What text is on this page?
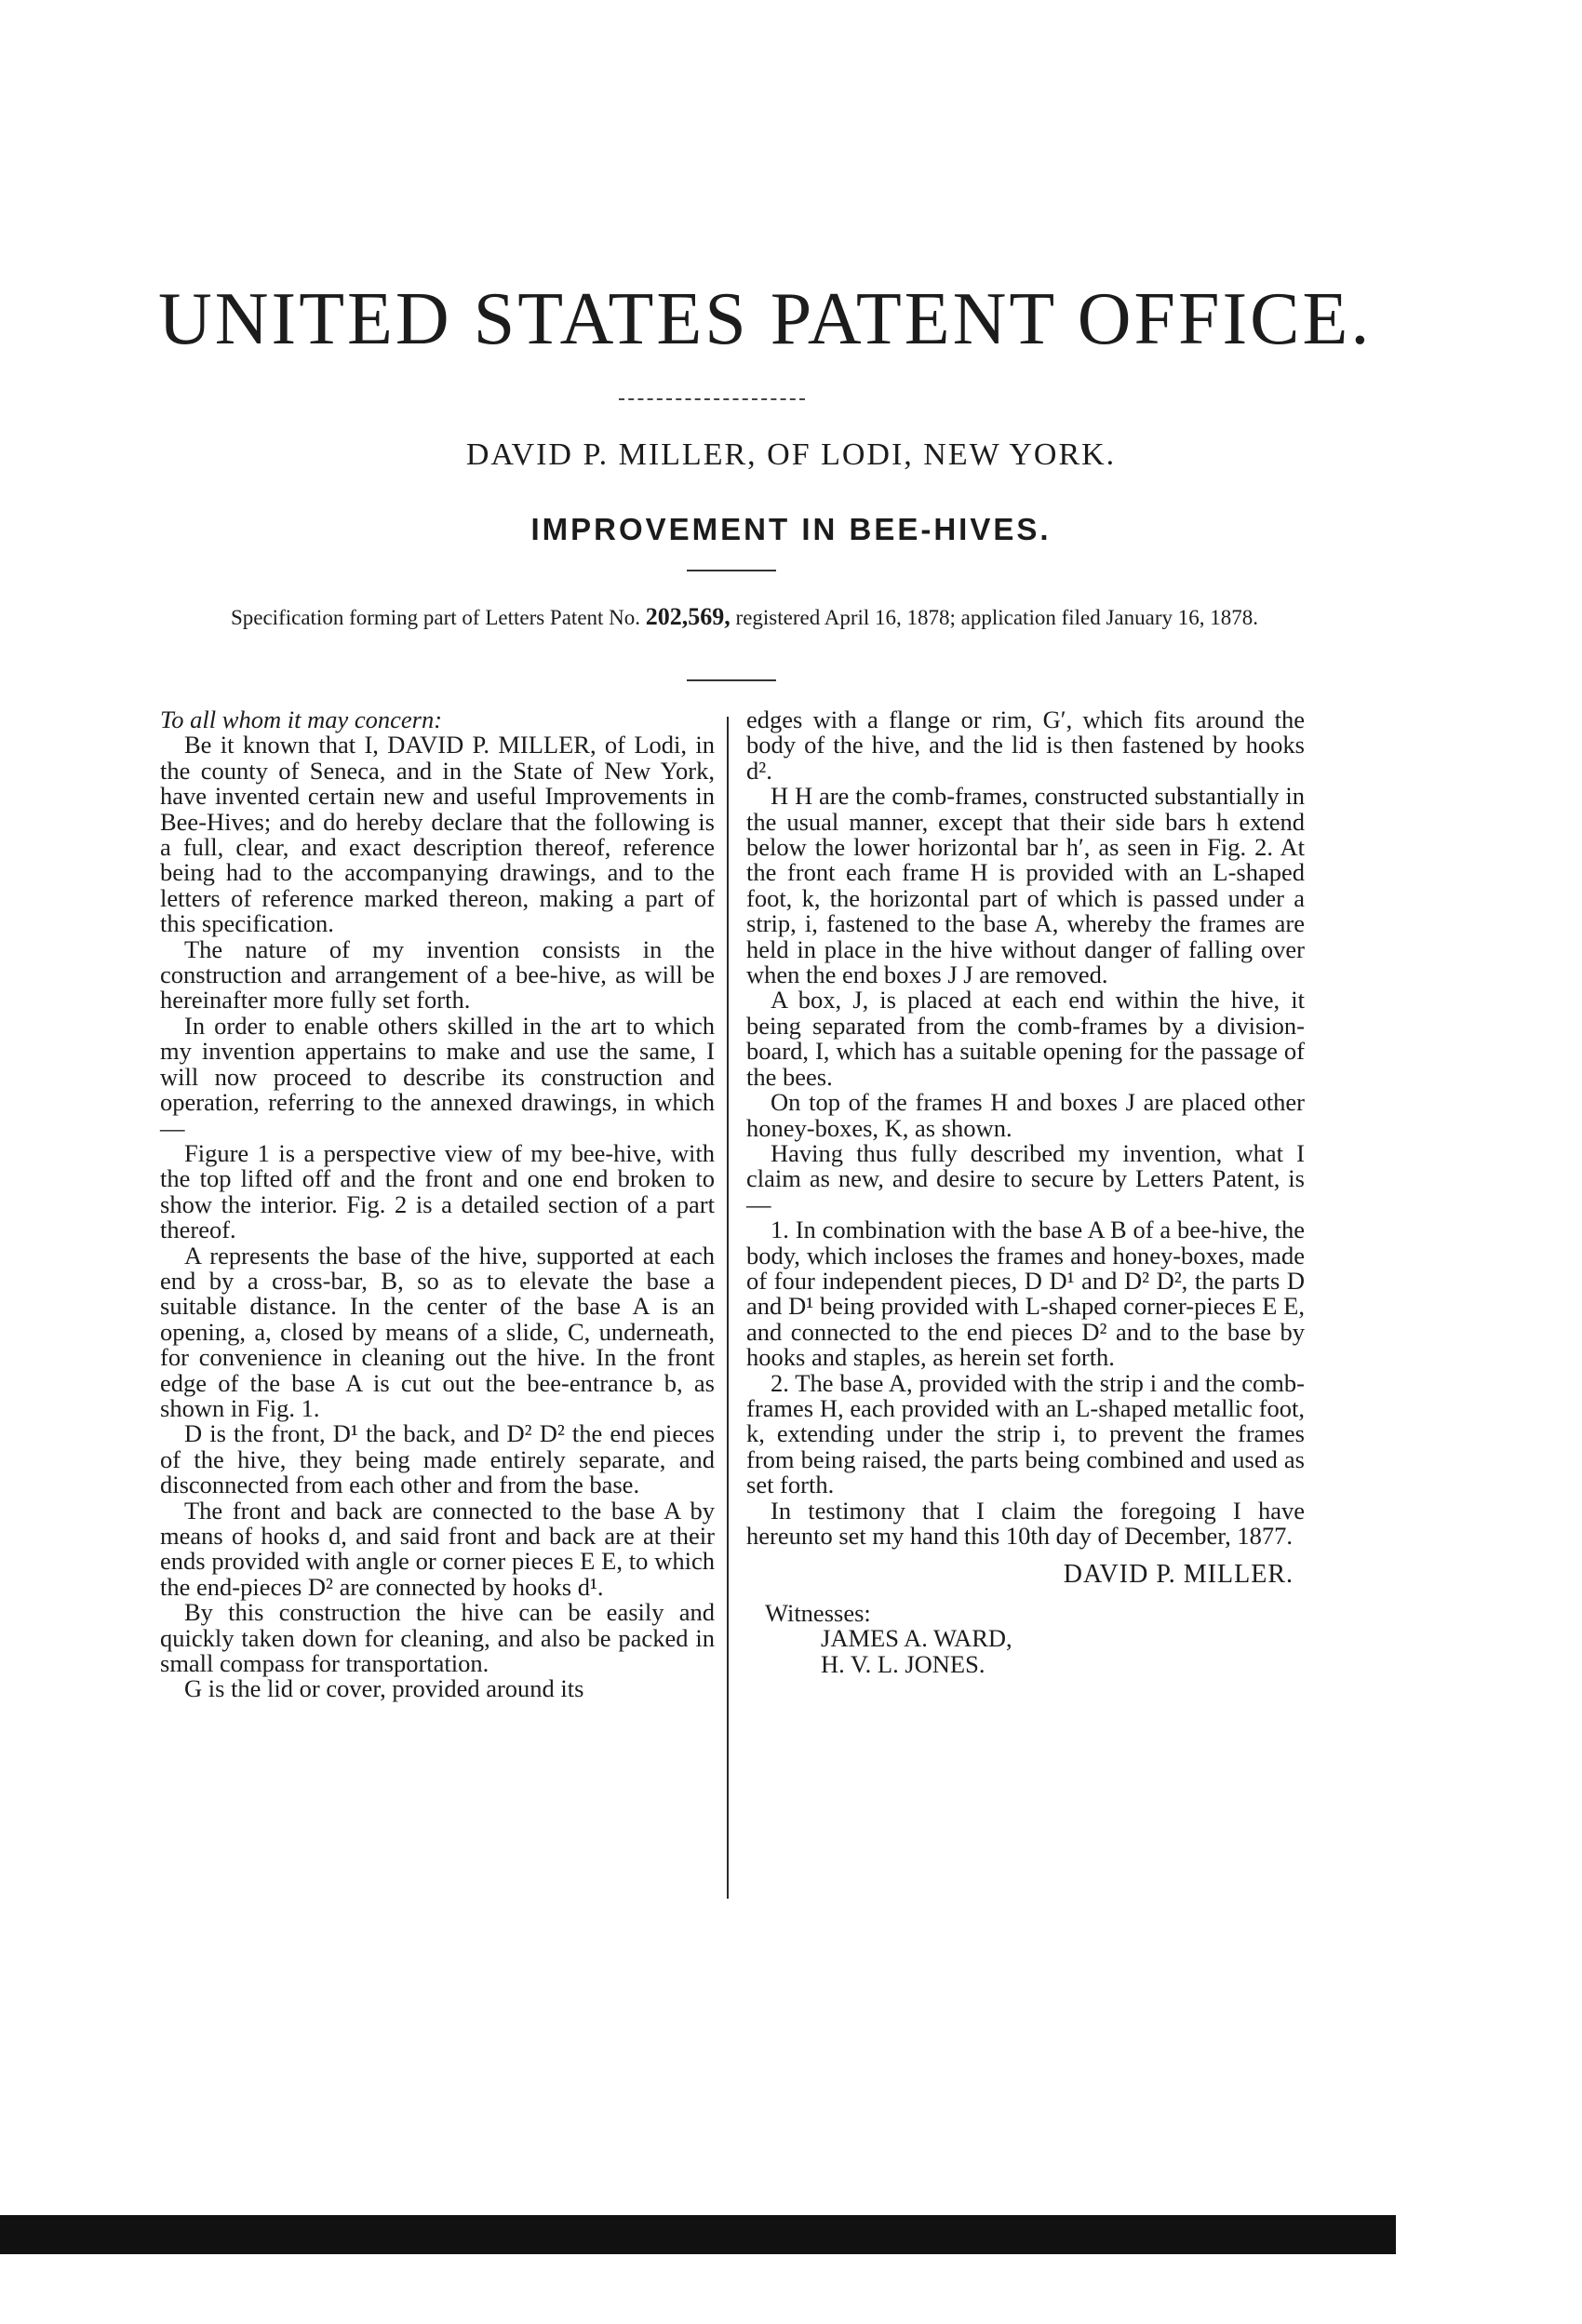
UNITED STATES PATENT OFFICE.
DAVID P. MILLER, OF LODI, NEW YORK.
IMPROVEMENT IN BEE-HIVES.
Specification forming part of Letters Patent No. 202,569, registered April 16, 1878; application filed January 16, 1878.

To all whom it may concern:

Be it known that I, DAVID P. MILLER, of Lodi, in the county of Seneca, and in the State of New York, have invented certain new and useful Improvements in Bee-Hives; and do hereby declare that the following is a full, clear, and exact description thereof, reference being had to the accompanying drawings, and to the letters of reference marked thereon, making a part of this specification.

The nature of my invention consists in the construction and arrangement of a bee-hive, as will be hereinafter more fully set forth.

In order to enable others skilled in the art to which my invention appertains to make and use the same, I will now proceed to describe its construction and operation, referring to the annexed drawings, in which—

Figure 1 is a perspective view of my bee-hive, with the top lifted off and the front and one end broken to show the interior. Fig. 2 is a detailed section of a part thereof.

A represents the base of the hive, supported at each end by a cross-bar, B, so as to elevate the base a suitable distance. In the center of the base A is an opening, a, closed by means of a slide, C, underneath, for convenience in cleaning out the hive. In the front edge of the base A is cut out the bee-entrance b, as shown in Fig. 1.

D is the front, D¹ the back, and D² D² the end pieces of the hive, they being made entirely separate, and disconnected from each other and from the base.

The front and back are connected to the base A by means of hooks d, and said front and back are at their ends provided with angle or corner pieces E E, to which the end-pieces D² are connected by hooks d¹.

By this construction the hive can be easily and quickly taken down for cleaning, and also be packed in small compass for transportation.

G is the lid or cover, provided around its

edges with a flange or rim, G′, which fits around the body of the hive, and the lid is then fastened by hooks d².

H H are the comb-frames, constructed substantially in the usual manner, except that their side bars h extend below the lower horizontal bar h′, as seen in Fig. 2. At the front each frame H is provided with an L-shaped foot, k, the horizontal part of which is passed under a strip, i, fastened to the base A, whereby the frames are held in place in the hive without danger of falling over when the end boxes J J are removed.

A box, J, is placed at each end within the hive, it being separated from the comb-frames by a division-board, I, which has a suitable opening for the passage of the bees.

On top of the frames H and boxes J are placed other honey-boxes, K, as shown.

Having thus fully described my invention, what I claim as new, and desire to secure by Letters Patent, is—

1. In combination with the base A B of a bee-hive, the body, which incloses the frames and honey-boxes, made of four independent pieces, D D¹ and D² D², the parts D and D¹ being provided with L-shaped corner-pieces E E, and connected to the end pieces D² and to the base by hooks and staples, as herein set forth.

2. The base A, provided with the strip i and the comb-frames H, each provided with an L-shaped metallic foot, k, extending under the strip i, to prevent the frames from being raised, the parts being combined and used as set forth.

In testimony that I claim the foregoing I have hereunto set my hand this 10th day of December, 1877.

DAVID P. MILLER.

Witnesses:

JAMES A. WARD,

H. V. L. JONES.
